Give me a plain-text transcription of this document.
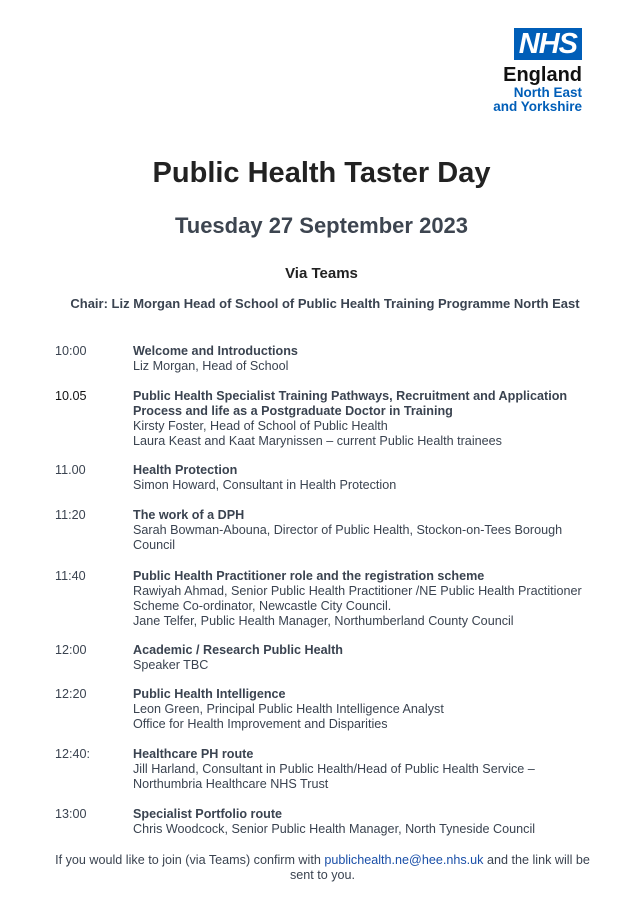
NHS
England
North East
and Yorkshire
Public Health Taster Day
Tuesday 27 September 2023
Via Teams
Chair: Liz Morgan Head of School of Public Health Training Programme North East
10:00	Welcome and Introductions
Liz Morgan, Head of School
10.05	Public Health Specialist Training Pathways, Recruitment and Application Process and life as a Postgraduate Doctor in Training
Kirsty Foster, Head of School of Public Health
Laura Keast and Kaat Marynissen – current Public Health trainees
11.00	Health Protection
Simon Howard, Consultant in Health Protection
11:20	The work of a DPH
Sarah Bowman-Abouna, Director of Public Health, Stockon-on-Tees Borough Council
11:40	Public Health Practitioner role and the registration scheme
Rawiyah Ahmad, Senior Public Health Practitioner /NE Public Health Practitioner Scheme Co-ordinator, Newcastle City Council.
Jane Telfer, Public Health Manager, Northumberland County Council
12:00	Academic / Research Public Health
Speaker TBC
12:20	Public Health Intelligence
Leon Green, Principal Public Health Intelligence Analyst
Office for Health Improvement and Disparities
12:40:	Healthcare PH route
Jill Harland, Consultant in Public Health/Head of Public Health Service – Northumbria Healthcare NHS Trust
13:00	Specialist Portfolio route
Chris Woodcock, Senior Public Health Manager, North Tyneside Council
If you would like to join (via Teams) confirm with publichealth.ne@hee.nhs.uk and the link will be sent to you.
